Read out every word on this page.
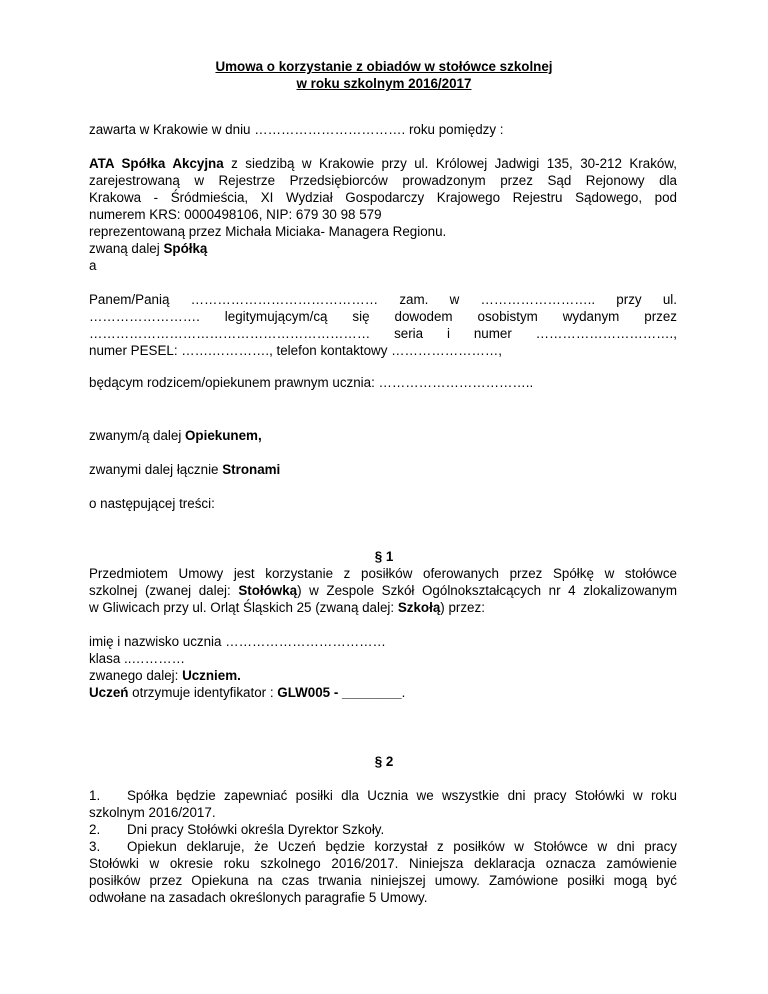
Umowa o korzystanie z obiadów w stołówce szkolnej
w roku szkolnym 2016/2017
zawarta w Krakowie w dniu ……………………………. roku pomiędzy :
ATA Spółka Akcyjna z siedzibą w Krakowie przy ul. Królowej Jadwigi 135, 30-212 Kraków,
zarejestrowaną w Rejestrze Przedsiębiorców prowadzonym przez Sąd Rejonowy dla
Krakowa - Śródmieścia, XI Wydział Gospodarczy Krajowego Rejestru Sądowego, pod
numerem KRS: 0000498106, NIP: 679 30 98 579
reprezentowaną przez Michała Miciaka- Managera Regionu.
zwaną dalej Spółką
a
Panem/Panią …………………………………… zam. w …………………….. przy ul.
……………………. legitymującym/cą się dowodem osobistym wydanym przez
……………………………………………………… seria i numer ………………………….,
numer PESEL: …….…………., telefon kontaktowy ……………………,
będącym rodzicem/opiekunem prawnym ucznia: ……………………………..
zwanym/ą dalej Opiekunem,
zwanymi dalej łącznie Stronami
o następującej treści:
§ 1
Przedmiotem Umowy jest korzystanie z posiłków oferowanych przez Spółkę w stołówce
szkolnej (zwanej dalej: Stołówką) w Zespole Szkół Ogólnokształcących nr 4 zlokalizowanym
w Gliwicach przy ul. Orląt Śląskich 25 (zwaną dalej: Szkołą) przez:
imię i nazwisko ucznia ………………………………
klasa ..…………
zwanego dalej: Uczniem.
Uczeń otrzymuje identyfikator : GLW005 - ________.
§ 2
1. Spółka będzie zapewniać posiłki dla Ucznia we wszystkie dni pracy Stołówki w roku
szkolnym 2016/2017.
2. Dni pracy Stołówki określa Dyrektor Szkoły.
3. Opiekun deklaruje, że Uczeń będzie korzystał z posiłków w Stołówce w dni pracy
Stołówki w okresie roku szkolnego 2016/2017. Niniejsza deklaracja oznacza zamówienie
posiłków przez Opiekuna na czas trwania niniejszej umowy. Zamówione posiłki mogą być
odwołane na zasadach określonych paragrafie 5 Umowy.
